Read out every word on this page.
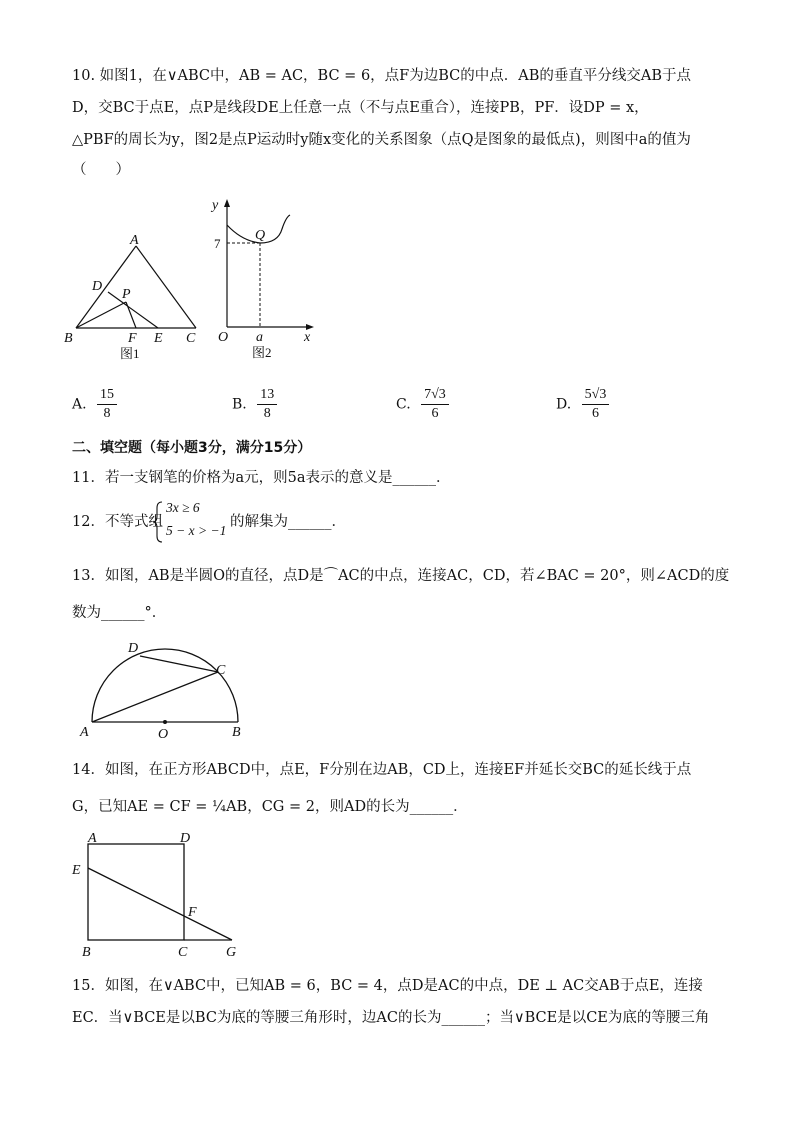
10. 如图1，在∨ABC中，AB = AC，BC = 6，点F为边BC的中点．AB的垂直平分线交AB于点
D，交BC于点E，点P是线段DE上任意一点（不与点E重合），连接PB，PF．设DP = x，
△PBF的周长为y，图2是点P运动时y随x变化的关系图象（点Q是图象的最低点)，则图中a的值为
（　　）
A
B	C
D
E
F
P
图1
y
x
O
Q
7
a
图2
A. $\frac{15}{8}$	B. $\frac{13}{8}$	C. $\frac{7√3}{6}$	D. $\frac{5√3}{6}$
二、填空题（每小题3分，满分15分）
11．若一支钢笔的价格为a元，则5a表示的意义是______．
12．不等式组
3x ≥ 6
5 − x > −1
的解集为______．
13．如图，AB是半圆O的直径，点D是⌒AC的中点，连接AC，CD，若∠BAC = 20°，则∠ACD的度
数为______°．
A	B
C
D
O
14．如图，在正方形ABCD中，点E，F分别在边AB，CD上，连接EF并延长交BC的延长线于点
G，已知AE = CF = ¼AB，CG = 2，则AD的长为______．
A	D
E
F
B	C	G
15．如图，在∨ABC中，已知AB = 6，BC = 4，点D是AC的中点，DE ⊥ AC交AB于点E，连接
EC．当∨BCE是以BC为底的等腰三角形时，边AC的长为______；当∨BCE是以CE为底的等腰三角
